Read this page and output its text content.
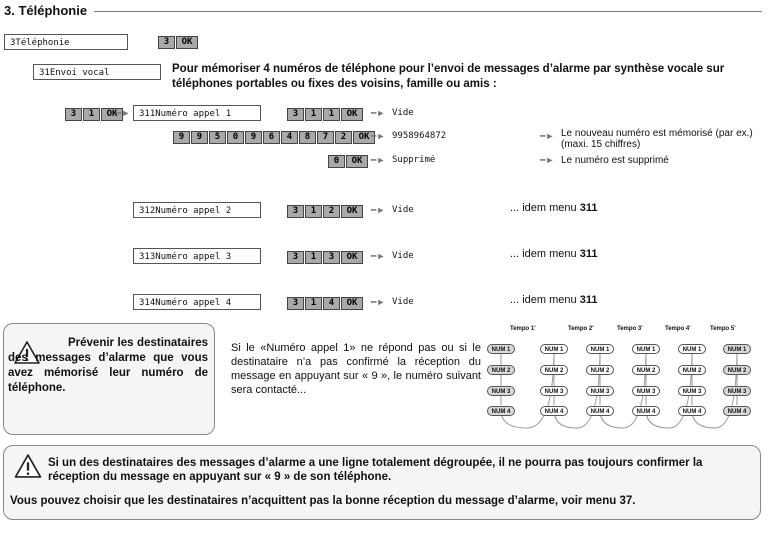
3. Téléphonie
3Téléphonie	3	OK
31Envoi vocal	Pour mémoriser 4 numéros de téléphone pour l’envoi de messages d’alarme par synthèse vocale sur téléphones portables ou fixes des voisins, famille ou amis :
3	1	OK
━► 311Numéro appel 1	3	1	1	OK	━► Vide
9	9	5	0	9	6	4	8	7	2	OK ━► 9958964872	━► Le nouveau numéro est mémorisé (par ex.) (maxi. 15 chiffres)
0	OK ━► Supprimé	━► Le numéro est supprimé
312Numéro appel 2	3	1	2	OK	━► Vide	... idem menu 311
313Numéro appel 3	3	1	3	OK	━► Vide	... idem menu 311
314Numéro appel 4	3	1	4	OK	━► Vide	... idem menu 311
Prévenir les destinataires des messages d’alarme que vous avez mémorisé leur numéro de téléphone.
Si le «Numéro appel 1» ne répond pas ou si le destinataire n’a pas confirmé la réception du message en appuyant sur « 9 », le numéro suivant sera contacté...
Tempo 1'	Tempo 2'	Tempo 3'	Tempo 4'	Tempo 5'
NUM 1
NUM 2
NUM 3
NUM 4
NUM 1
NUM 2
NUM 3
NUM 4
NUM 1
NUM 2
NUM 3
NUM 4
NUM 1
NUM 2
NUM 3
NUM 4
NUM 1
NUM 2
NUM 3
NUM 4
NUM 1
NUM 2
NUM 3
NUM 4
Si un des destinataires des messages d’alarme a une ligne totalement dégroupée, il ne pourra pas toujours confirmer la réception du message en appuyant sur « 9 » de son téléphone.
Vous pouvez choisir que les destinataires n’acquittent pas la bonne réception du message d’alarme, voir menu 37.
